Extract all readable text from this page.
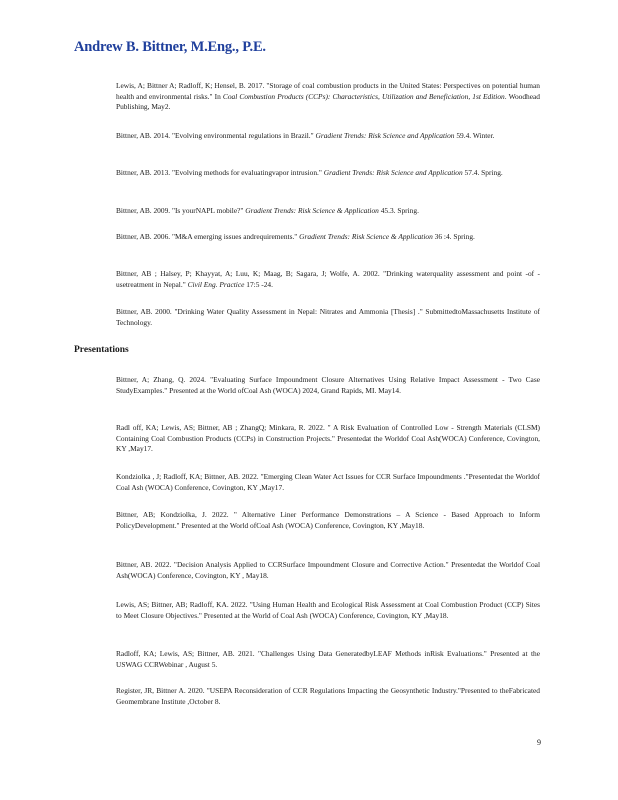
Andrew B. Bittner, M.Eng., P.E.

Lewis, A; Bittner A; Radloff, K; Hensel, B. 2017. "Storage of coal combustion products in the United States: Perspectives on potential human health and environmental risks." In Coal Combustion Products (CCPs): Characteristics, Utilization and Beneficiation, 1st Edition. Woodhead Publishing, May2.

Bittner, AB. 2014. "Evolving environmental regulations in Brazil." Gradient Trends: Risk Science and Application 59.4. Winter.

Bittner, AB. 2013. "Evolving methods for evaluatingvapor intrusion." Gradient Trends: Risk Science and Application 57.4. Spring.

Bittner, AB. 2009. "Is yourNAPL mobile?" Gradient Trends: Risk Science & Application 45.3. Spring.

Bittner, AB. 2006. "M&A emerging issues andrequirements." Gradient Trends: Risk Science & Application 36 :4. Spring.

Bittner, AB ; Halsey, P; Khayyat, A; Luu, K; Maag, B; Sagara, J; Wolfe, A. 2002. "Drinking waterquality assessment and point -of -usetreatment in Nepal." Civil Eng. Practice 17:5 -24.

Bittner, AB. 2000. "Drinking Water Quality Assessment in Nepal: Nitrates and Ammonia [Thesis] ." SubmittedtoMassachusetts Institute of Technology.

Presentations

Bittner, A; Zhang, Q. 2024. "Evaluating Surface Impoundment Closure Alternatives Using Relative Impact Assessment - Two Case StudyExamples." Presented at the World ofCoal Ash (WOCA) 2024, Grand Rapids, MI. May14.

Radl off, KA; Lewis, AS; Bittner, AB ; ZhangQ; Minkara, R. 2022. " A Risk Evaluation of Controlled Low - Strength Materials (CLSM) Containing Coal Combustion Products (CCPs) in Construction Projects." Presentedat the Worldof Coal Ash(WOCA) Conference, Covington, KY ,May17.

Kondziolka , J; Radloff, KA; Bittner, AB. 2022. "Emerging Clean Water Act Issues for CCR Surface Impoundments ."Presentedat the Worldof Coal Ash (WOCA) Conference, Covington, KY ,May17.

Bittner, AB; Kondziolka, J. 2022. " Alternative Liner Performance Demonstrations – A Science - Based Approach to Inform PolicyDevelopment." Presented at the World ofCoal Ash (WOCA) Conference, Covington, KY ,May18.

Bittner, AB. 2022. "Decision Analysis Applied to CCRSurface Impoundment Closure and Corrective Action." Presentedat the Worldof Coal Ash(WOCA) Conference, Covington, KY , May18.

Lewis, AS; Bittner, AB; Radloff, KA. 2022. "Using Human Health and Ecological Risk Assessment at Coal Combustion Product (CCP) Sites to Meet Closure Objectives." Presented at the World of Coal Ash (WOCA) Conference, Covington, KY ,May18.

Radloff, KA; Lewis, AS; Bittner, AB. 2021. "Challenges Using Data GeneratedbyLEAF Methods inRisk Evaluations." Presented at the USWAG CCRWebinar , August 5.

Register, JR, Bittner A. 2020. "USEPA Reconsideration of CCR Regulations Impacting the Geosynthetic Industry."Presented to theFabricated Geomembrane Institute ,October 8.

9
